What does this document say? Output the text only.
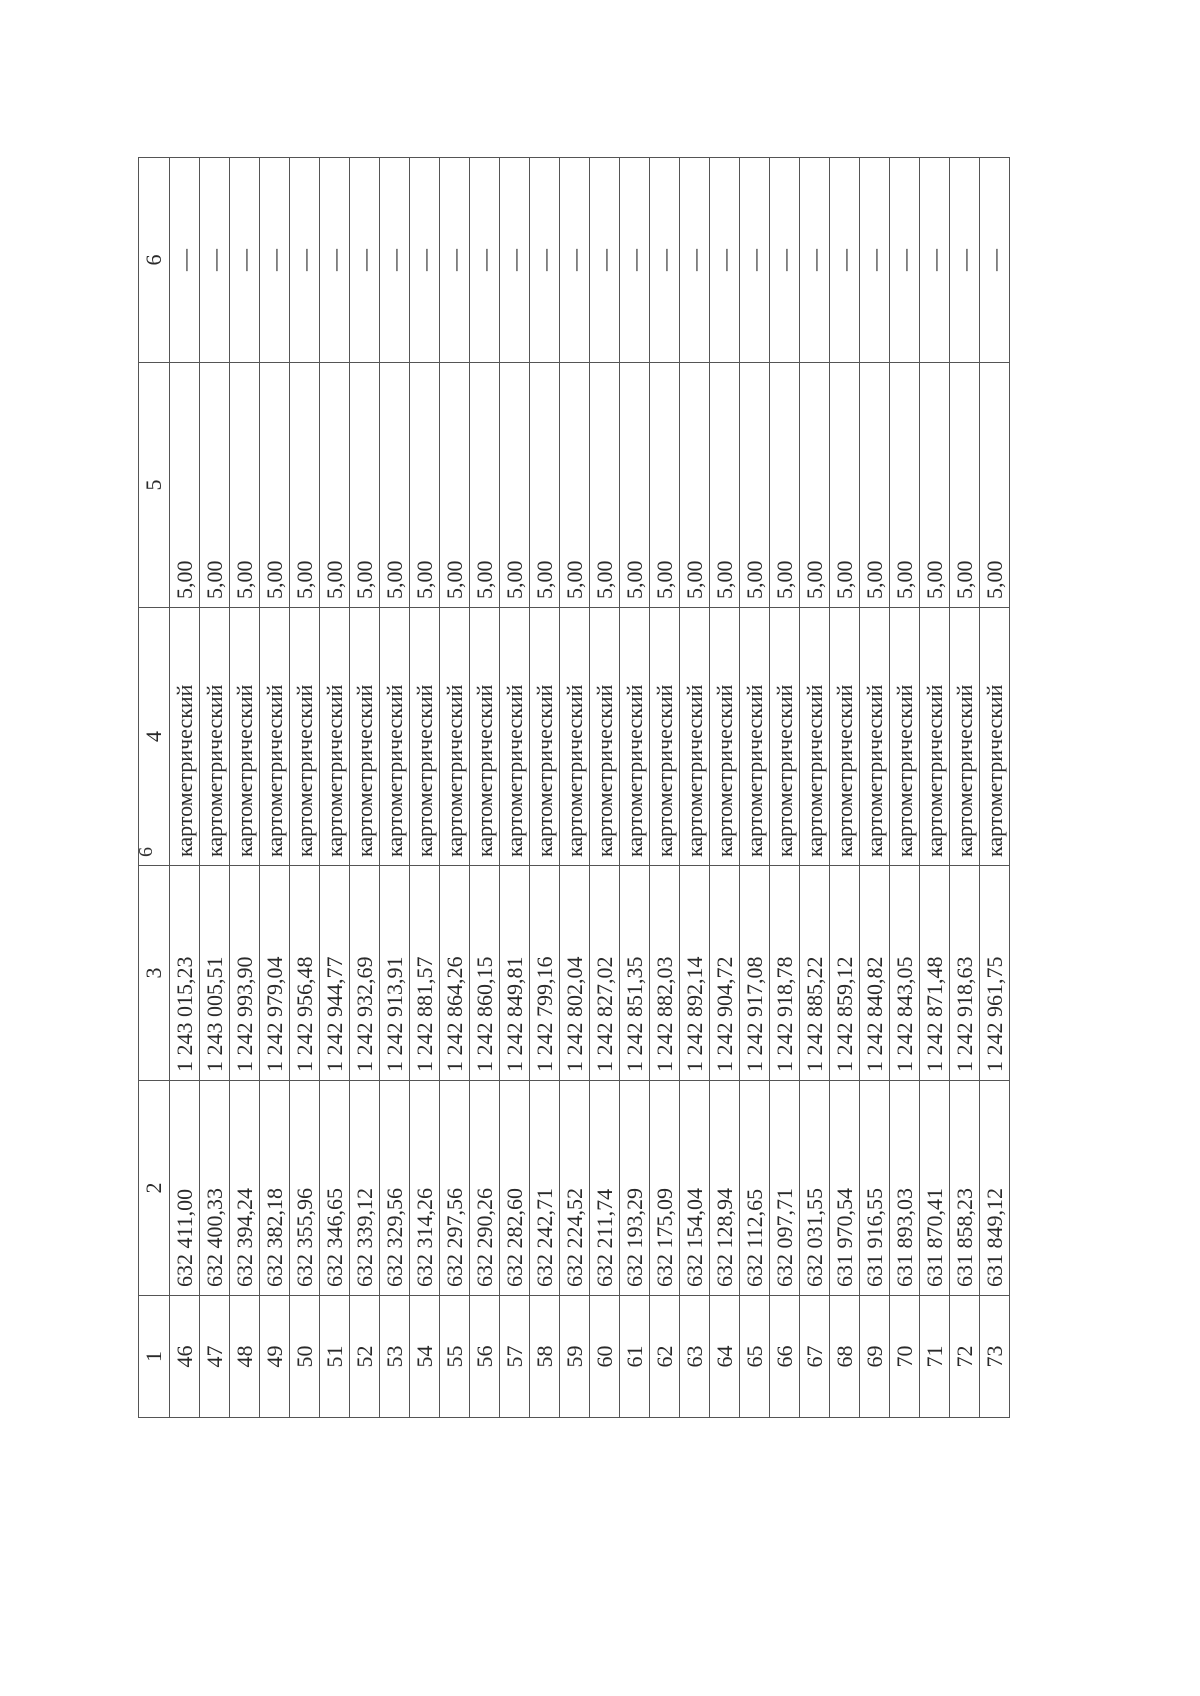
6
1	2	3	4	5	6
46	632 411,00	1 243 015,23	картометрический	5,00	—
47	632 400,33	1 243 005,51	картометрический	5,00	—
48	632 394,24	1 242 993,90	картометрический	5,00	—
49	632 382,18	1 242 979,04	картометрический	5,00	—
50	632 355,96	1 242 956,48	картометрический	5,00	—
51	632 346,65	1 242 944,77	картометрический	5,00	—
52	632 339,12	1 242 932,69	картометрический	5,00	—
53	632 329,56	1 242 913,91	картометрический	5,00	—
54	632 314,26	1 242 881,57	картометрический	5,00	—
55	632 297,56	1 242 864,26	картометрический	5,00	—
56	632 290,26	1 242 860,15	картометрический	5,00	—
57	632 282,60	1 242 849,81	картометрический	5,00	—
58	632 242,71	1 242 799,16	картометрический	5,00	—
59	632 224,52	1 242 802,04	картометрический	5,00	—
60	632 211,74	1 242 827,02	картометрический	5,00	—
61	632 193,29	1 242 851,35	картометрический	5,00	—
62	632 175,09	1 242 882,03	картометрический	5,00	—
63	632 154,04	1 242 892,14	картометрический	5,00	—
64	632 128,94	1 242 904,72	картометрический	5,00	—
65	632 112,65	1 242 917,08	картометрический	5,00	—
66	632 097,71	1 242 918,78	картометрический	5,00	—
67	632 031,55	1 242 885,22	картометрический	5,00	—
68	631 970,54	1 242 859,12	картометрический	5,00	—
69	631 916,55	1 242 840,82	картометрический	5,00	—
70	631 893,03	1 242 843,05	картометрический	5,00	—
71	631 870,41	1 242 871,48	картометрический	5,00	—
72	631 858,23	1 242 918,63	картометрический	5,00	—
73	631 849,12	1 242 961,75	картометрический	5,00	—
